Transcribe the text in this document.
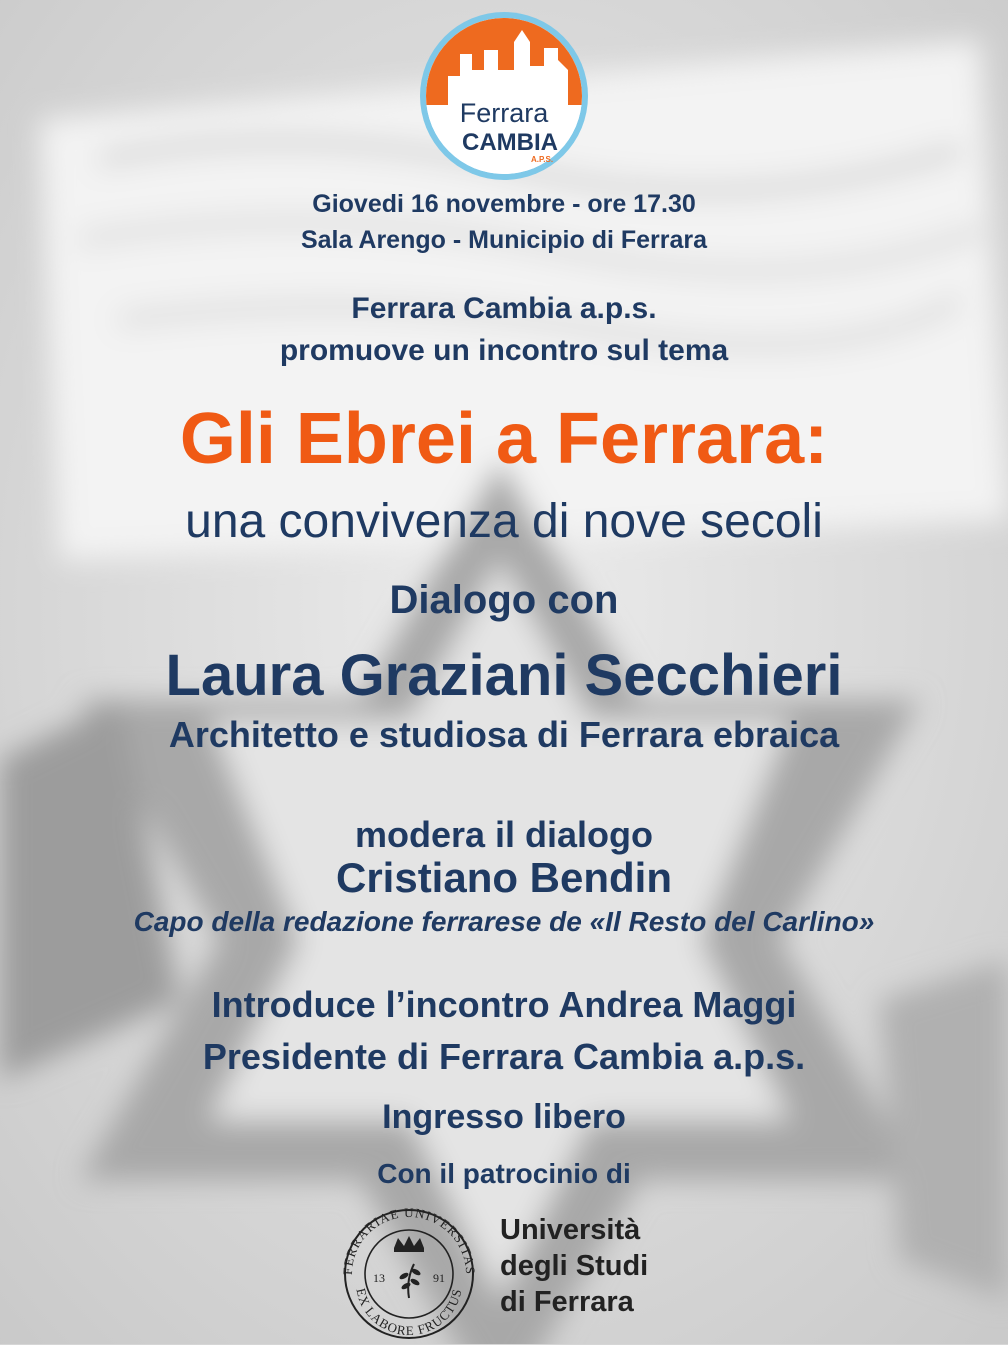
Ferrara
CAMBIA
A.P.S.
Giovedi 16 novembre - ore 17.30
Sala Arengo - Municipio di Ferrara
Ferrara Cambia a.p.s.
promuove un incontro sul tema
Gli Ebrei a Ferrara:
una convivenza di nove secoli
Dialogo con
Laura Graziani Secchieri
Architetto e studiosa di Ferrara ebraica
modera il dialogo
Cristiano Bendin
Capo della redazione ferrarese de «Il Resto del Carlino»
Introduce l’incontro Andrea Maggi
Presidente di Ferrara Cambia a.p.s.
Ingresso libero
Con il patrocinio di
FERRARIAE UNIVERSITAS
EX LABORE FRUCTUS
13	91
Università
degli Studi
di Ferrara
